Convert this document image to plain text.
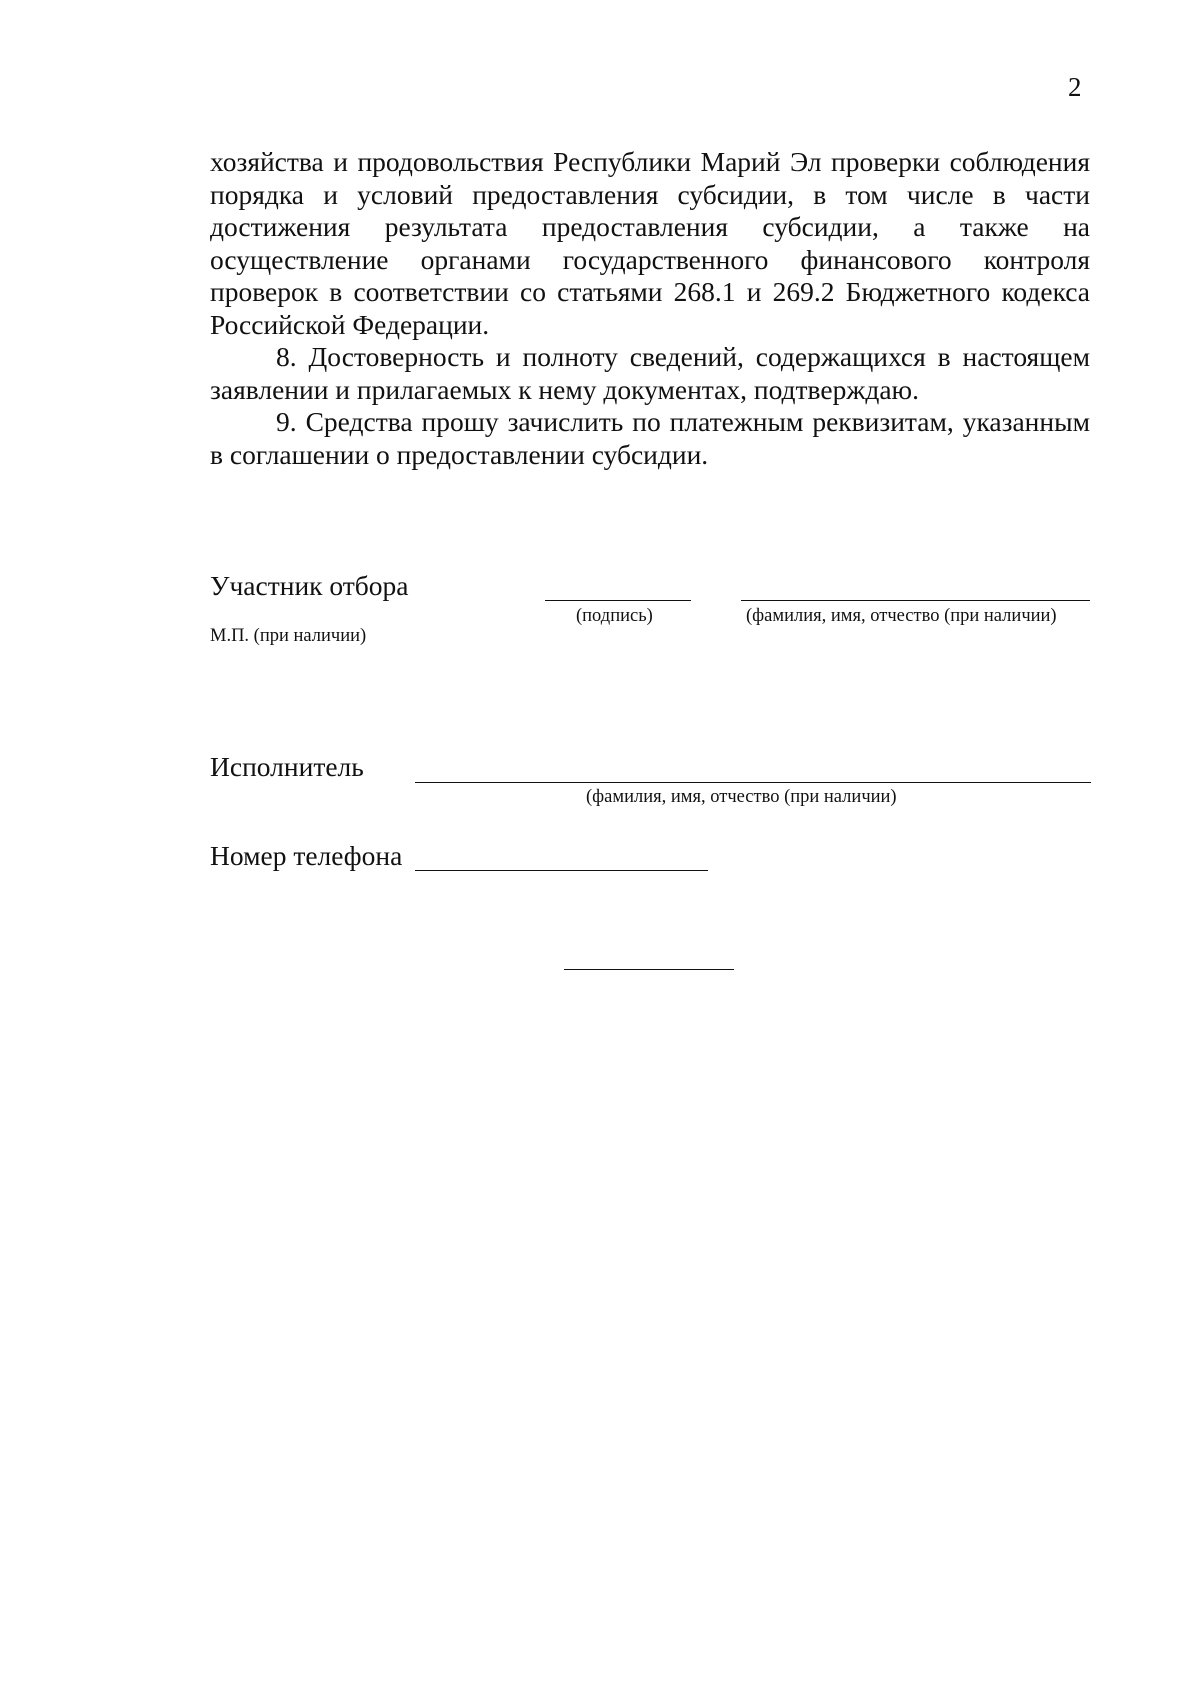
2

хозяйства и продовольствия Республики Марий Эл проверки соблюдения порядка и условий предоставления субсидии, в том числе в части достижения результата предоставления субсидии, а также на осуществление органами государственного финансового контроля проверок в соответствии со статьями 268.1 и 269.2 Бюджетного кодекса Российской Федерации.

8. Достоверность и полноту сведений, содержащихся в настоящем заявлении и прилагаемых к нему документах, подтверждаю.

9. Средства прошу зачислить по платежным реквизитам, указанным в соглашении о предоставлении субсидии.

Участник отбора
(подпись)	(фамилия, имя, отчество (при наличии)
М.П. (при наличии)
Исполнитель
(фамилия, имя, отчество (при наличии)
Номер телефона
